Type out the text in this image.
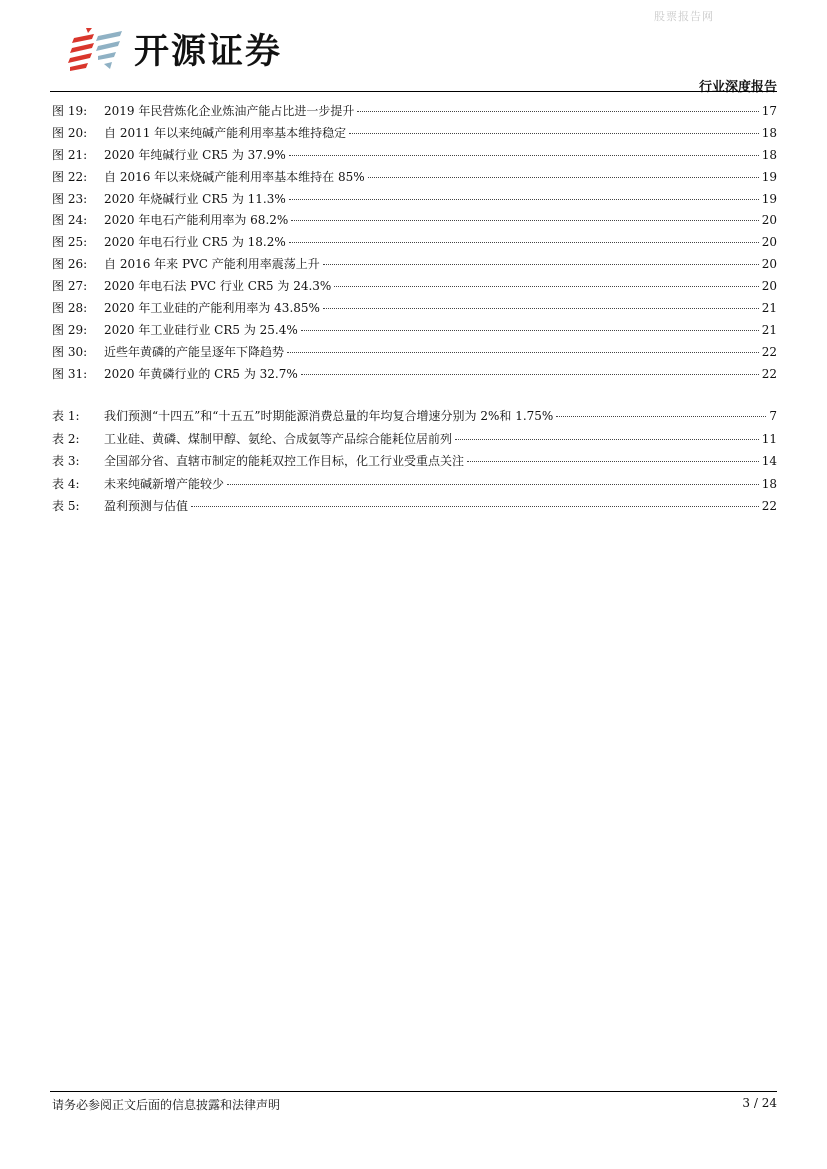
股票报告网
开源证券
行业深度报告
图 19:	2019 年民营炼化企业炼油产能占比进一步提升	17
图 20:	自 2011 年以来纯碱产能利用率基本维持稳定	18
图 21:	2020 年纯碱行业 CR5 为 37.9%	18
图 22:	自 2016 年以来烧碱产能利用率基本维持在 85%	19
图 23:	2020 年烧碱行业 CR5 为 11.3%	19
图 24:	2020 年电石产能利用率为 68.2%	20
图 25:	2020 年电石行业 CR5 为 18.2%	20
图 26:	自 2016 年来 PVC 产能利用率震荡上升	20
图 27:	2020 年电石法 PVC 行业 CR5 为 24.3%	20
图 28:	2020 年工业硅的产能利用率为 43.85%	21
图 29:	2020 年工业硅行业 CR5 为 25.4%	21
图 30:	近些年黄磷的产能呈逐年下降趋势	22
图 31:	2020 年黄磷行业的 CR5 为 32.7%	22
表 1:	我们预测“十四五”和“十五五”时期能源消费总量的年均复合增速分别为 2%和 1.75%	7
表 2:	工业硅、黄磷、煤制甲醇、氨纶、合成氨等产品综合能耗位居前列	11
表 3:	全国部分省、直辖市制定的能耗双控工作目标，化工行业受重点关注	14
表 4:	未来纯碱新增产能较少	18
表 5:	盈利预测与估值	22
请务必参阅正文后面的信息披露和法律声明	3 / 24
